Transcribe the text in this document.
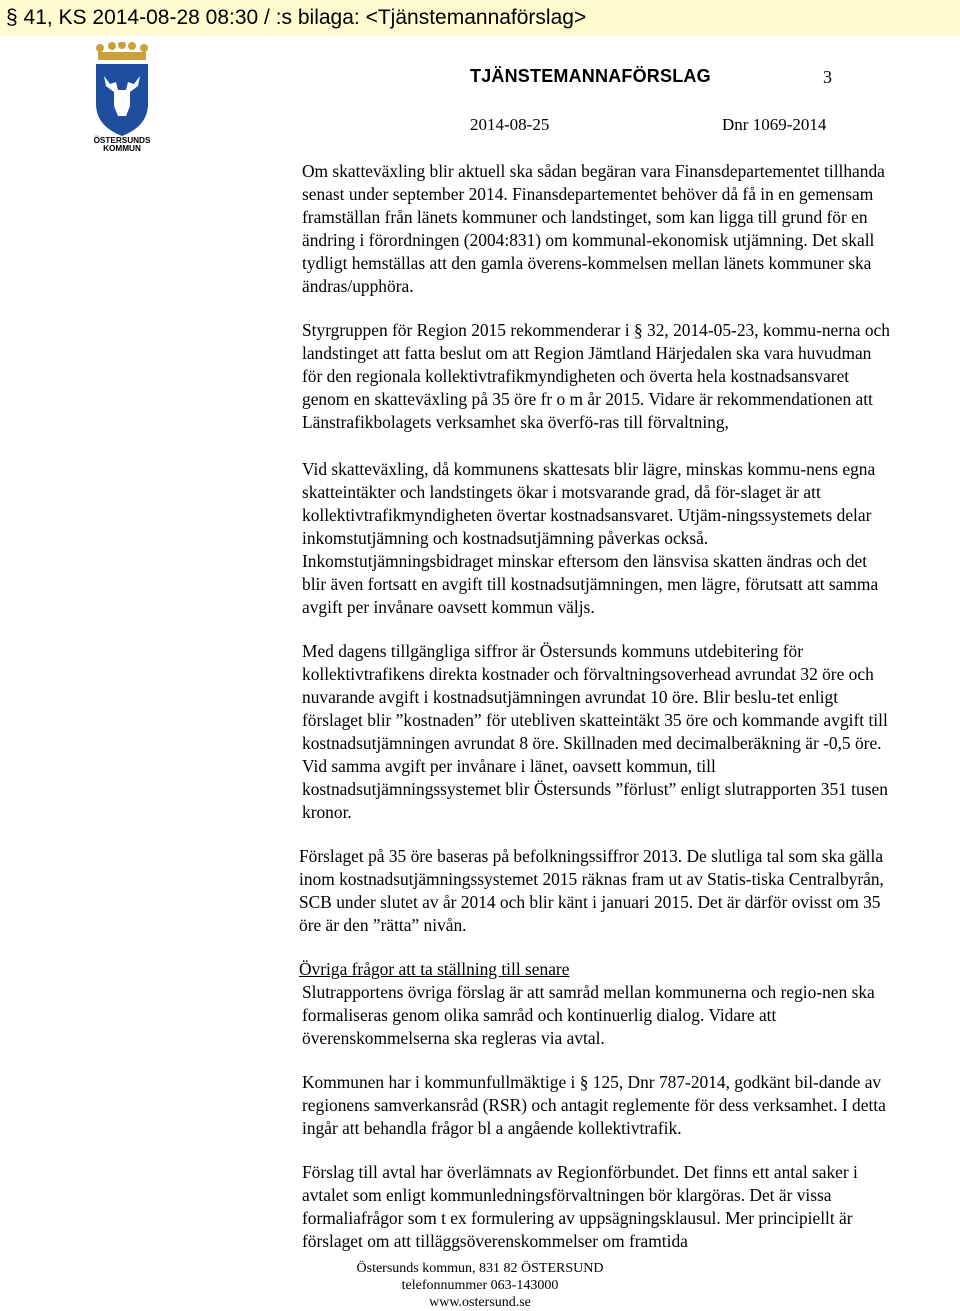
§ 41, KS 2014-08-28 08:30 / :s bilaga: <Tjänstemannaförslag>
ÖSTERSUNDS
KOMMUN
TJÄNSTEMANNAFÖRSLAG	3
2014-08-25	Dnr 1069-2014

Om skatteväxling blir aktuell ska sådan begäran vara Finansdepartementet tillhanda senast under september 2014. Finansdepartementet behöver då få in en gemensam framställan från länets kommuner och landstinget, som kan ligga till grund för en ändring i förordningen (2004:831) om kommunal-ekonomisk utjämning. Det skall tydligt hemställas att den gamla överens-kommelsen mellan länets kommuner ska ändras/upphöra.

Styrgruppen för Region 2015 rekommenderar i § 32, 2014-05-23, kommu-nerna och landstinget att fatta beslut om att Region Jämtland Härjedalen ska vara huvudman för den regionala kollektivtrafikmyndigheten och överta hela kostnadsansvaret genom en skatteväxling på 35 öre fr o m år 2015. Vidare är rekommendationen att Länstrafikbolagets verksamhet ska överfö-ras till förvaltning,

Vid skatteväxling, då kommunens skattesats blir lägre, minskas kommu-nens egna skatteintäkter och landstingets ökar i motsvarande grad, då för-slaget är att kollektivtrafikmyndigheten övertar kostnadsansvaret. Utjäm-ningssystemets delar inkomstutjämning och kostnadsutjämning påverkas också. Inkomstutjämningsbidraget minskar eftersom den länsvisa skatten ändras och det blir även fortsatt en avgift till kostnadsutjämningen, men lägre, förutsatt att samma avgift per invånare oavsett kommun väljs.

Med dagens tillgängliga siffror är Östersunds kommuns utdebitering för kollektivtrafikens direkta kostnader och förvaltningsoverhead avrundat 32 öre och nuvarande avgift i kostnadsutjämningen avrundat 10 öre. Blir beslu-tet enligt förslaget blir ”kostnaden” för utebliven skatteintäkt 35 öre och kommande avgift till kostnadsutjämningen avrundat 8 öre. Skillnaden med decimalberäkning är -0,5 öre. Vid samma avgift per invånare i länet, oavsett kommun, till kostnadsutjämningssystemet blir Östersunds ”förlust” enligt slutrapporten 351 tusen kronor.

Förslaget på 35 öre baseras på befolkningssiffror 2013. De slutliga tal som ska gälla inom kostnadsutjämningssystemet 2015 räknas fram ut av Statis-tiska Centralbyrån, SCB under slutet av år 2014 och blir känt i januari 2015. Det är därför ovisst om 35 öre är den ”rätta” nivån.

Övriga frågor att ta ställning till senare

Slutrapportens övriga förslag är att samråd mellan kommunerna och regio-nen ska formaliseras genom olika samråd och kontinuerlig dialog. Vidare att överenskommelserna ska regleras via avtal.

Kommunen har i kommunfullmäktige i § 125, Dnr 787-2014, godkänt bil-dande av regionens samverkansråd (RSR) och antagit reglemente för dess verksamhet. I detta ingår att behandla frågor bl a angående kollektivtrafik.

Förslag till avtal har överlämnats av Regionförbundet. Det finns ett antal saker i avtalet som enligt kommunledningsförvaltningen bör klargöras. Det är vissa formaliafrågor som t ex formulering av uppsägningsklausul. Mer principiellt är förslaget om att tilläggsöverenskommelser om framtida

Östersunds kommun, 831 82 ÖSTERSUND
telefonnummer 063-143000
www.ostersund.se
